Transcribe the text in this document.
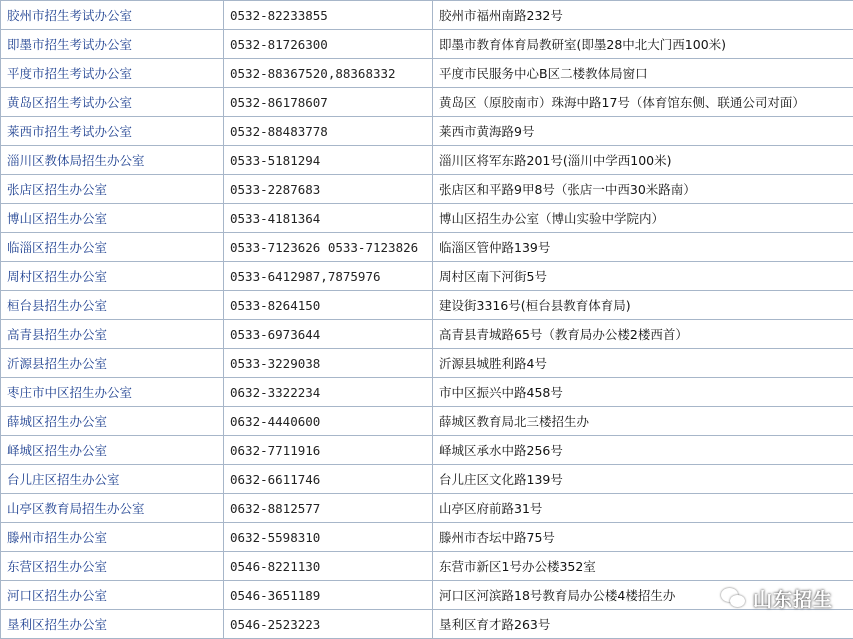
胶州市招生考试办公室	0532-82233855	胶州市福州南路232号
即墨市招生考试办公室	0532-81726300	即墨市教育体育局教研室(即墨28中北大门西100米)
平度市招生考试办公室	0532-88367520,88368332	平度市民服务中心B区二楼教体局窗口
黄岛区招生考试办公室	0532-86178607	黄岛区（原胶南市）珠海中路17号（体育馆东侧、联通公司对面）
莱西市招生考试办公室	0532-88483778	莱西市黄海路9号
淄川区教体局招生办公室	0533-5181294	淄川区将军东路201号(淄川中学西100米)
张店区招生办公室	0533-2287683	张店区和平路9甲8号（张店一中西30米路南）
博山区招生办公室	0533-4181364	博山区招生办公室（博山实验中学院内）
临淄区招生办公室	0533-7123626 0533-7123826	临淄区管仲路139号
周村区招生办公室	0533-6412987,7875976	周村区南下河街5号
桓台县招生办公室	0533-8264150	建设街3316号(桓台县教育体育局)
高青县招生办公室	0533-6973644	高青县青城路65号（教育局办公楼2楼西首）
沂源县招生办公室	0533-3229038	沂源县城胜利路4号
枣庄市中区招生办公室	0632-3322234	市中区振兴中路458号
薛城区招生办公室	0632-4440600	薛城区教育局北三楼招生办
峄城区招生办公室	0632-7711916	峄城区承水中路256号
台儿庄区招生办公室	0632-6611746	台儿庄区文化路139号
山亭区教育局招生办公室	0632-8812577	山亭区府前路31号
滕州市招生办公室	0632-5598310	滕州市杏坛中路75号
东营区招生办公室	0546-8221130	东营市新区1号办公楼352室
河口区招生办公室	0546-3651189	河口区河滨路18号教育局办公楼4楼招生办
垦利区招生办公室	0546-2523223	垦利区育才路263号
山东招生
